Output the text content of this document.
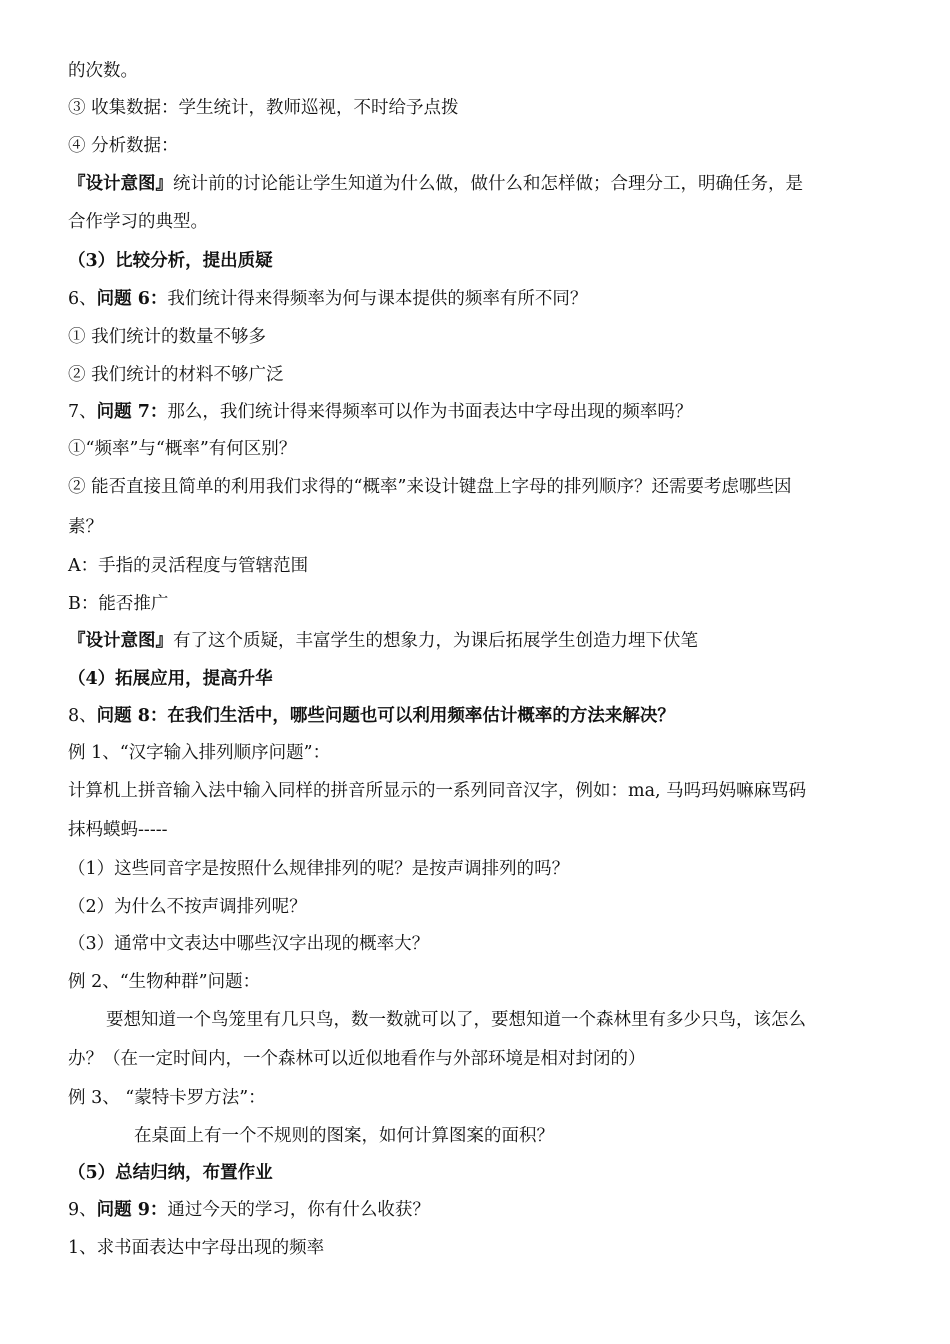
的次数。
③ 收集数据：学生统计，教师巡视，不时给予点拨
④ 分析数据：
『设计意图』统计前的讨论能让学生知道为什么做，做什么和怎样做；合理分工，明确任务，是
合作学习的典型。
（3）比较分析，提出质疑
6、问题 6：我们统计得来得频率为何与课本提供的频率有所不同？
① 我们统计的数量不够多
② 我们统计的材料不够广泛
7、问题 7：那么，我们统计得来得频率可以作为书面表达中字母出现的频率吗？
①“频率”与“概率”有何区别？
② 能否直接且简单的利用我们求得的“概率”来设计键盘上字母的排列顺序？还需要考虑哪些因
素？
A：手指的灵活程度与管辖范围
B：能否推广
『设计意图』有了这个质疑，丰富学生的想象力，为课后拓展学生创造力埋下伏笔
（4）拓展应用，提高升华
8、问题 8：在我们生活中，哪些问题也可以利用频率估计概率的方法来解决？
例 1、“汉字输入排列顺序问题”：
计算机上拼音输入法中输入同样的拼音所显示的一系列同音汉字，例如：ma, 马吗玛妈嘛麻骂码
抹杩蟆蚂-----
（1）这些同音字是按照什么规律排列的呢？是按声调排列的吗？
（2）为什么不按声调排列呢？
（3）通常中文表达中哪些汉字出现的概率大？
例 2、“生物种群”问题：
要想知道一个鸟笼里有几只鸟，数一数就可以了，要想知道一个森林里有多少只鸟，该怎么
办？（在一定时间内，一个森林可以近似地看作与外部环境是相对封闭的）
例 3、 “蒙特卡罗方法”：
在桌面上有一个不规则的图案，如何计算图案的面积？
（5）总结归纳，布置作业
9、问题 9：通过今天的学习，你有什么收获？
1、求书面表达中字母出现的频率
